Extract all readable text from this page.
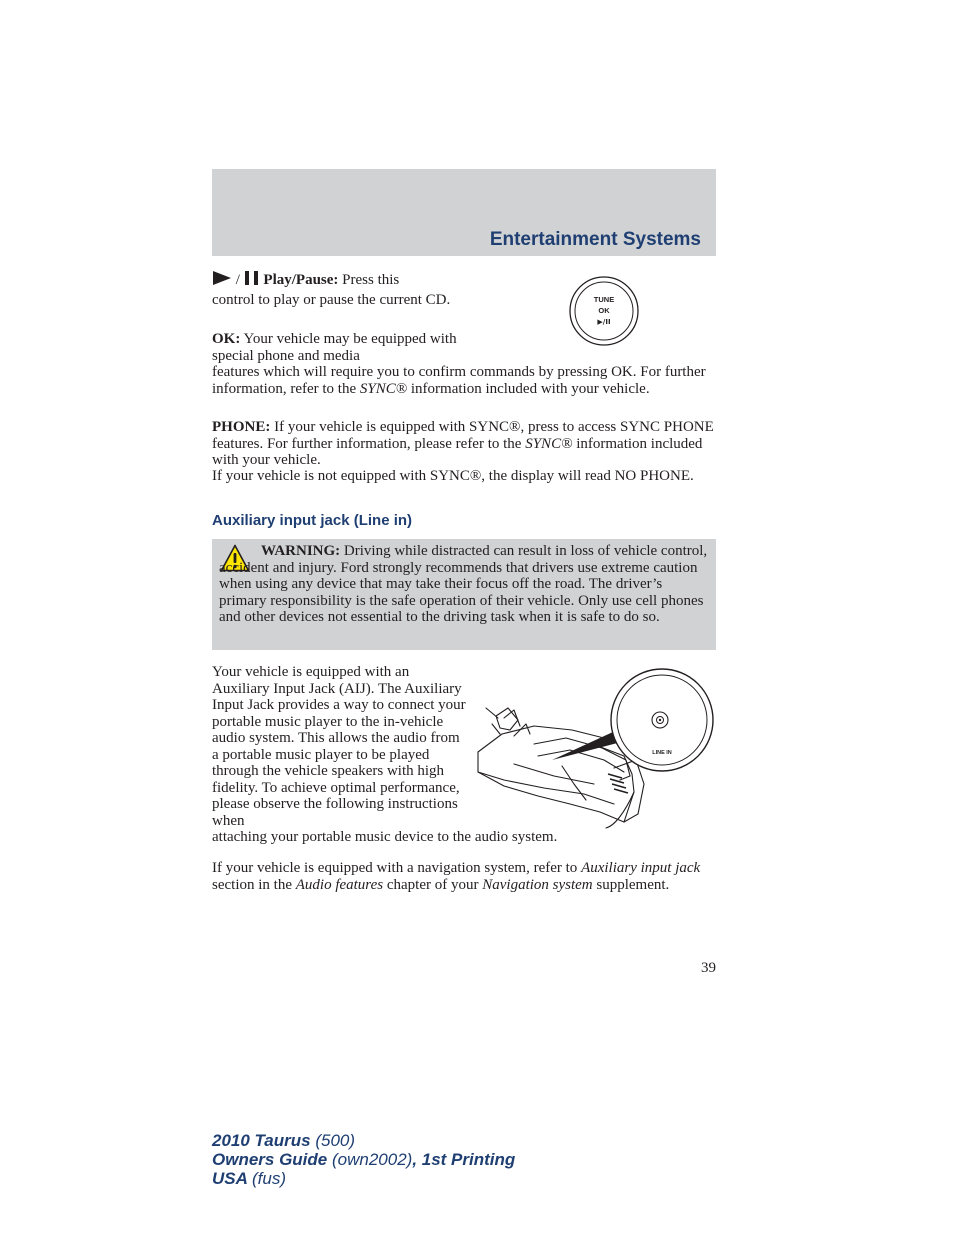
Entertainment Systems
/ Play/Pause: Press this
control to play or pause the current CD.	TUNE
OK
▶/II
OK: Your vehicle may be equipped with special phone and media
features which will require you to confirm commands by pressing OK. For further information, refer to the SYNC® information included with your vehicle.
PHONE: If your vehicle is equipped with SYNC®, press to access SYNC PHONE features. For further information, please refer to the SYNC® information included with your vehicle.
If your vehicle is not equipped with SYNC®, the display will read NO PHONE.
Auxiliary input jack (Line in)
WARNING: Driving while distracted can result in loss of vehicle control, accident and injury. Ford strongly recommends that drivers use extreme caution when using any device that may take their focus off the road. The driver’s primary responsibility is the safe operation of their vehicle. Only use cell phones and other devices not essential to the driving task when it is safe to do so.
Your vehicle is equipped with an Auxiliary Input Jack (AIJ). The Auxiliary Input Jack provides a way to connect your portable music player to the in-vehicle audio system. This allows the audio from a portable music player to be played through the vehicle speakers with high fidelity. To achieve optimal performance, please observe the following instructions when
attaching your portable music device to the audio system.
LINE IN
If your vehicle is equipped with a navigation system, refer to Auxiliary input jack section in the Audio features chapter of your Navigation system supplement.
39
2010 Taurus (500)
Owners Guide (own2002), 1st Printing
USA (fus)
